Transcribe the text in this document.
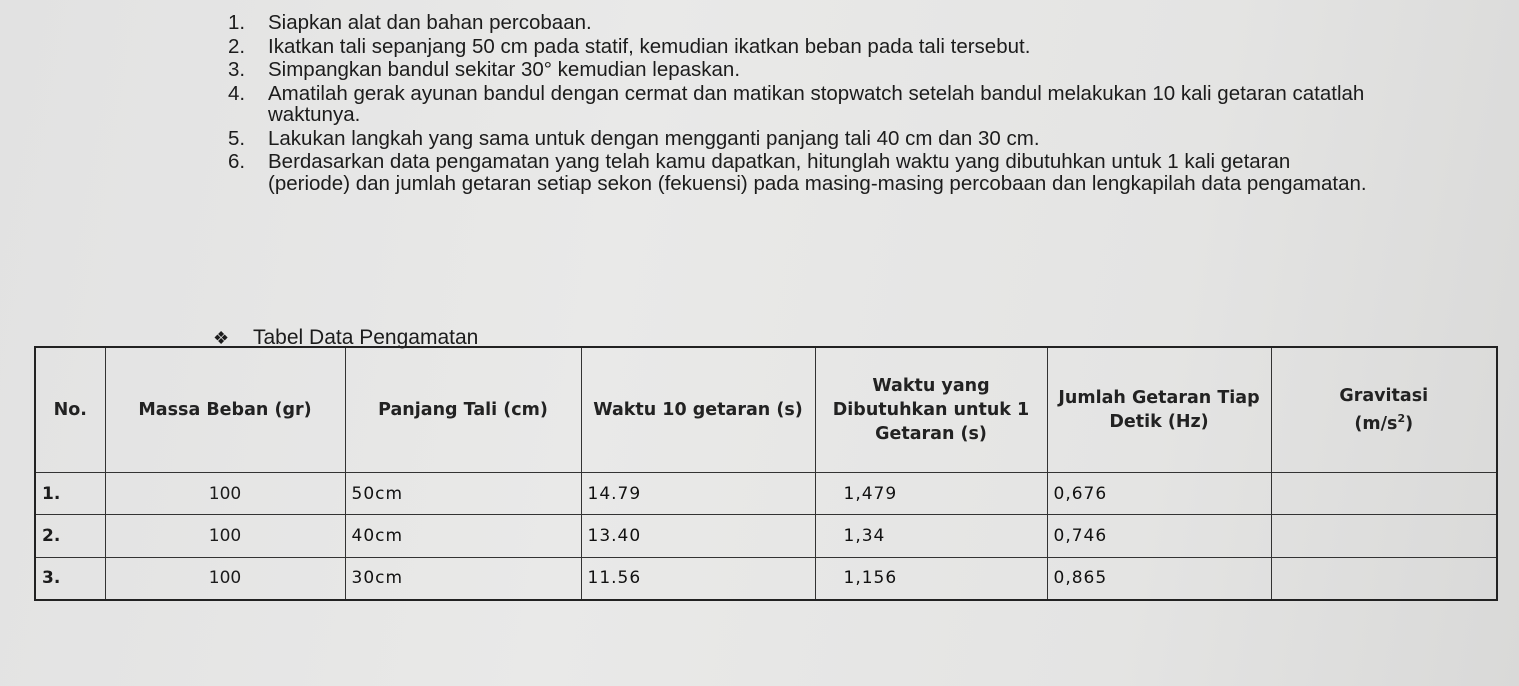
1. Siapkan alat dan bahan percobaan.
2. Ikatkan tali sepanjang 50 cm pada statif, kemudian ikatkan beban pada tali tersebut.
3. Simpangkan bandul sekitar 30° kemudian lepaskan.
4. Amatilah gerak ayunan bandul dengan cermat dan matikan stopwatch setelah bandul melakukan 10 kali getaran catatlah waktunya.
5. Lakukan langkah yang sama untuk dengan mengganti panjang tali 40 cm dan 30 cm.
6. Berdasarkan data pengamatan yang telah kamu dapatkan, hitunglah waktu yang dibutuhkan untuk 1 kali getaran (periode) dan jumlah getaran setiap sekon (fekuensi) pada masing-masing percobaan dan lengkapilah data pengamatan.
❖ Tabel Data Pengamatan
No.	Massa Beban (gr)	Panjang Tali (cm)	Waktu 10 getaran (s)	Waktu yang Dibutuhkan untuk 1 Getaran (s)	Jumlah Getaran Tiap Detik (Hz)	Gravitasi
$(m/s^2)$
1.	100	50cm	14.79	1,479	0,676	
2.	100	40cm	13.40	1,34	0,746	
3.	100	30cm	11.56	1,156	0,865	
